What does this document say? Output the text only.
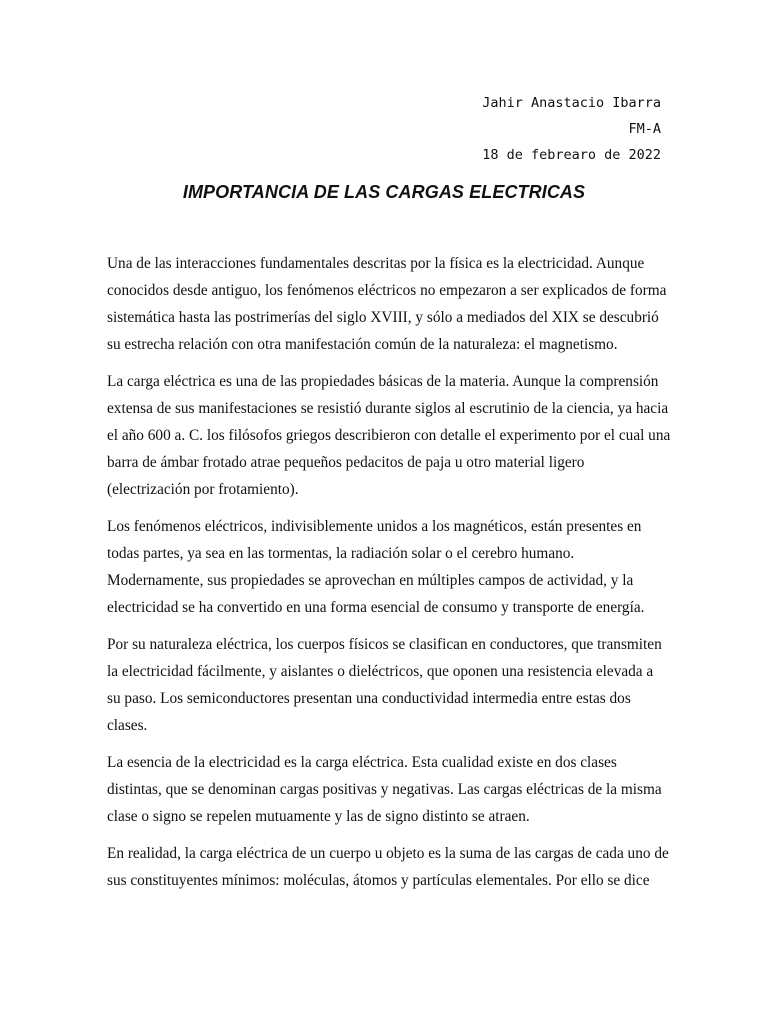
Jahir Anastacio Ibarra
FM-A
18 de febrearo de 2022
IMPORTANCIA DE LAS CARGAS ELECTRICAS

Una de las interacciones fundamentales descritas por la física es la electricidad. Aunque
conocidos desde antiguo, los fenómenos eléctricos no empezaron a ser explicados de forma
sistemática hasta las postrimerías del siglo XVIII, y sólo a mediados del XIX se descubrió
su estrecha relación con otra manifestación común de la naturaleza: el magnetismo.

La carga eléctrica es una de las propiedades básicas de la materia. Aunque la comprensión
extensa de sus manifestaciones se resistió durante siglos al escrutinio de la ciencia, ya hacia
el año 600 a. C. los filósofos griegos describieron con detalle el experimento por el cual una
barra de ámbar frotado atrae pequeños pedacitos de paja u otro material ligero
(electrización por frotamiento).

Los fenómenos eléctricos, indivisiblemente unidos a los magnéticos, están presentes en
todas partes, ya sea en las tormentas, la radiación solar o el cerebro humano.
Modernamente, sus propiedades se aprovechan en múltiples campos de actividad, y la
electricidad se ha convertido en una forma esencial de consumo y transporte de energía.

Por su naturaleza eléctrica, los cuerpos físicos se clasifican en conductores, que transmiten
la electricidad fácilmente, y aislantes o dieléctricos, que oponen una resistencia elevada a
su paso. Los semiconductores presentan una conductividad intermedia entre estas dos
clases.

La esencia de la electricidad es la carga eléctrica. Esta cualidad existe en dos clases
distintas, que se denominan cargas positivas y negativas. Las cargas eléctricas de la misma
clase o signo se repelen mutuamente y las de signo distinto se atraen.

En realidad, la carga eléctrica de un cuerpo u objeto es la suma de las cargas de cada uno de
sus constituyentes mínimos: moléculas, átomos y partículas elementales. Por ello se dice
